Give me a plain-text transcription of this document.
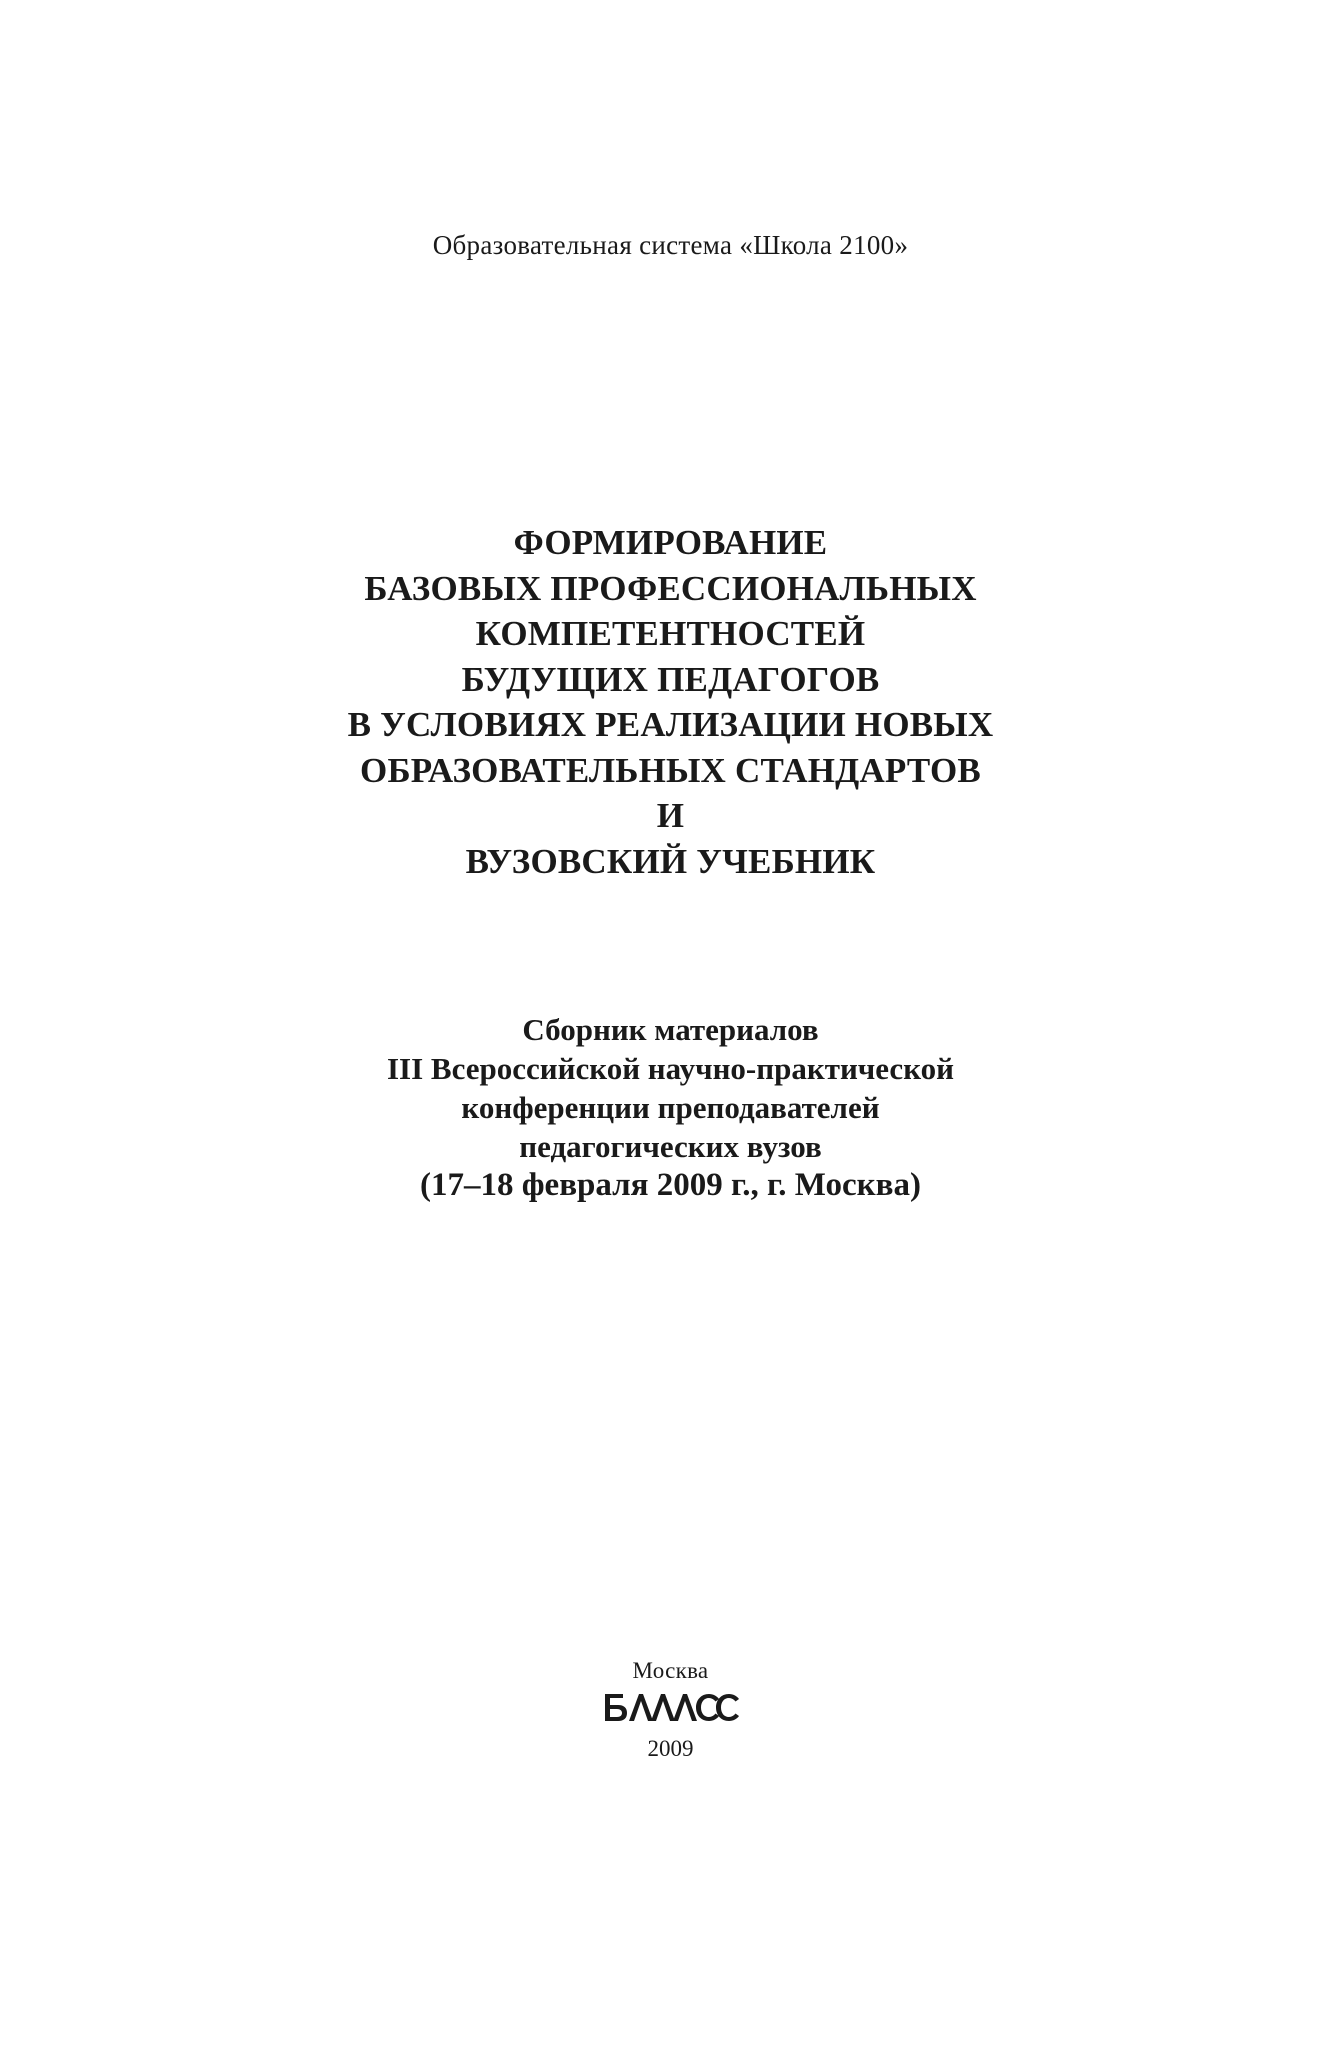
Образовательная система «Школа 2100»
ФОРМИРОВАНИЕ
БАЗОВЫХ ПРОФЕССИОНАЛЬНЫХ
КОМПЕТЕНТНОСТЕЙ
БУДУЩИХ ПЕДАГОГОВ
В УСЛОВИЯХ РЕАЛИЗАЦИИ НОВЫХ
ОБРАЗОВАТЕЛЬНЫХ СТАНДАРТОВ
И
ВУЗОВСКИЙ УЧЕБНИК
Сборник материалов
III Всероссийской научно-практической
конференции преподавателей
педагогических вузов
(17–18 февраля 2009 г., г. Москва)
Москва
2009
